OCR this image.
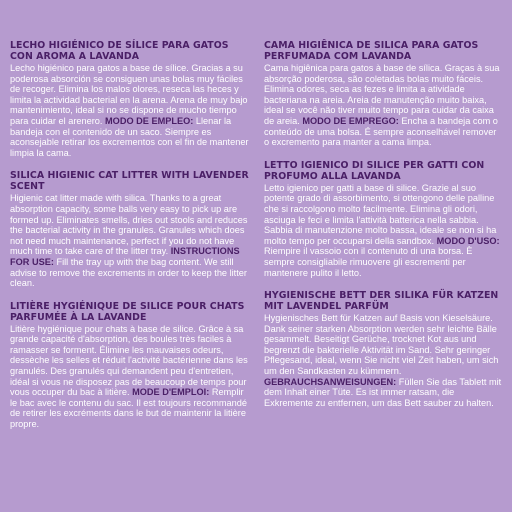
LECHO HIGIÉNICO DE SÍLICE PARA GATOS CON AROMA A LAVANDA

Lecho higiénico para gatos a base de sílice. Gracias a su poderosa absorción se consiguen unas bolas muy fáciles de recoger. Elimina los malos olores, reseca las heces y limita la actividad bacterial en la arena. Arena de muy bajo mantenimiento, ideal si no se dispone de mucho tiempo para cuidar el arenero. MODO DE EMPLEO: Llenar la bandeja con el contenido de un saco. Siempre es aconsejable retirar los excrementos con el fin de mantener limpia la cama.

SILICA HIGIENIC CAT LITTER WITH LAVENDER SCENT

Higienic cat litter made with silica. Thanks to a great absorption capacity, some balls very easy to pick up are formed up. Eliminates smells, dries out stools and reduces the bacterial activity in the granules. Granules which does not need much maintenance, perfect if you do not have much time to take care of the litter tray. INSTRUCTIONS FOR USE: Fill the tray up with the bag content. We still advise to remove the excrements in order to keep the litter clean.

LITIÈRE HYGIÉNIQUE DE SILICE POUR CHATS PARFUMÉE À LA LAVANDE

Litière hygiénique pour chats à base de silice. Grâce à sa grande capacité d'absorption, des boules très faciles à ramasser se forment. Élimine les mauvaises odeurs, dessèche les selles et réduit l'activité bactérienne dans les granulés. Des granulés qui demandent peu d'entretien, idéal si vous ne disposez pas de beaucoup de temps pour vous occuper du bac à litière. MODE D'EMPLOI: Remplir le bac avec le contenu du sac. Il est toujours recommandé de retirer les excréments dans le but de maintenir la litière propre.

CAMA HIGIÊNICA DE SILICA PARA GATOS PERFUMADA COM LAVANDA

Cama higiênica para gatos à base de sílica. Graças à sua absorção poderosa, são coletadas bolas muito fáceis. Elimina odores, seca as fezes e limita a atividade bacteriana na areia. Areia de manutenção muito baixa, ideal se você não tiver muito tempo para cuidar da caixa de areia. MODO DE EMPREGO: Encha a bandeja com o conteúdo de uma bolsa. É sempre aconselhável remover o excremento para manter a cama limpa.

LETTO IGIENICO DI SILICE PER GATTI CON PROFUMO ALLA LAVANDA

Letto igienico per gatti a base di silice. Grazie al suo potente grado di assorbimento, si ottengono delle palline che si raccolgono molto facilmente. Elimina gli odori, asciuga le feci e limita l'attività batterica nella sabbia. Sabbia di manutenzione molto bassa, ideale se non si ha molto tempo per occuparsi della sandbox. MODO D'USO: Riempire il vassoio con il contenuto di una borsa. È sempre consigliabile rimuovere gli escrementi per mantenere pulito il letto.

HYGIENISCHE BETT DER SILIKA FÜR KATZEN MIT LAVENDEL PARFÜM

Hygienisches Bett für Katzen auf Basis von Kieselsäure. Dank seiner starken Absorption werden sehr leichte Bälle gesammelt. Beseitigt Gerüche, trocknet Kot aus und begrenzt die bakterielle Aktivität im Sand. Sehr geringer Pflegesand, ideal, wenn Sie nicht viel Zeit haben, um sich um den Sandkasten zu kümmern. GEBRAUCHSANWEISUNGEN: Füllen Sie das Tablett mit dem Inhalt einer Tüte. Es ist immer ratsam, die Exkremente zu entfernen, um das Bett sauber zu halten.
